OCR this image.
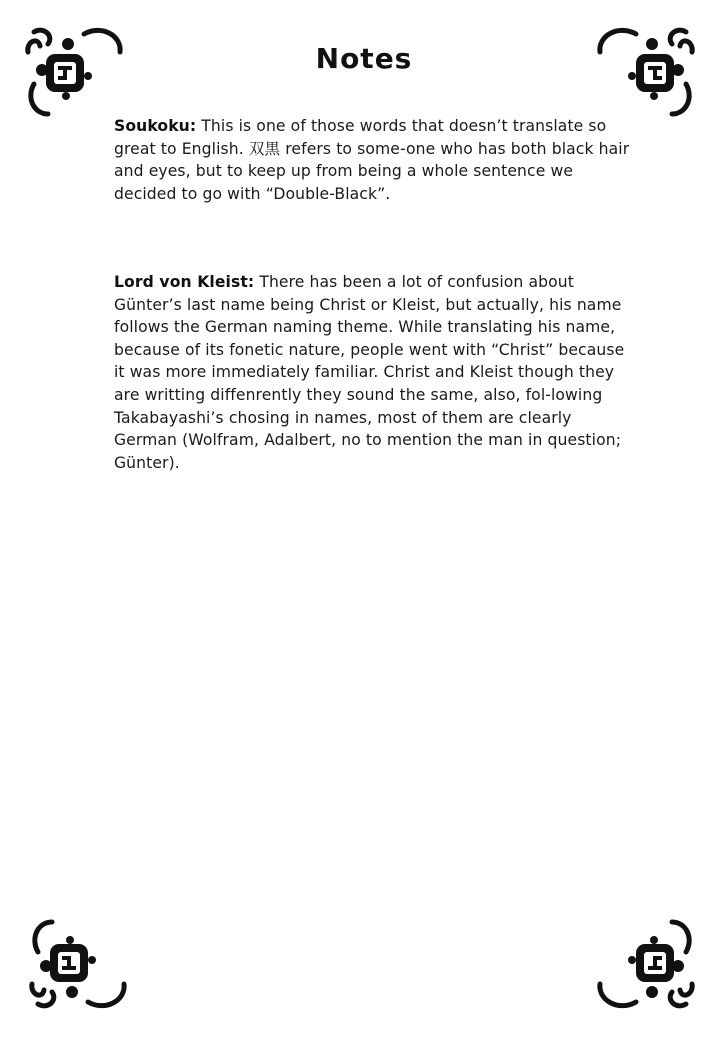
Notes
Soukoku: This is one of those words that doesn’t translate so great to English. 双黒 refers to some-one who has both black hair and eyes, but to keep up from being a whole sentence we decided to go with “Double-Black”.
Lord von Kleist: There has been a lot of confusion about Günter’s last name being Christ or Kleist, but actually, his name follows the German naming theme. While translating his name, because of its fonetic nature, people went with “Christ” because it was more immediately familiar. Christ and Kleist though they are writting diffenrently they sound the same, also, fol-lowing Takabayashi’s chosing in names, most of them are clearly German (Wolfram, Adalbert, no to mention the man in question; Günter).
